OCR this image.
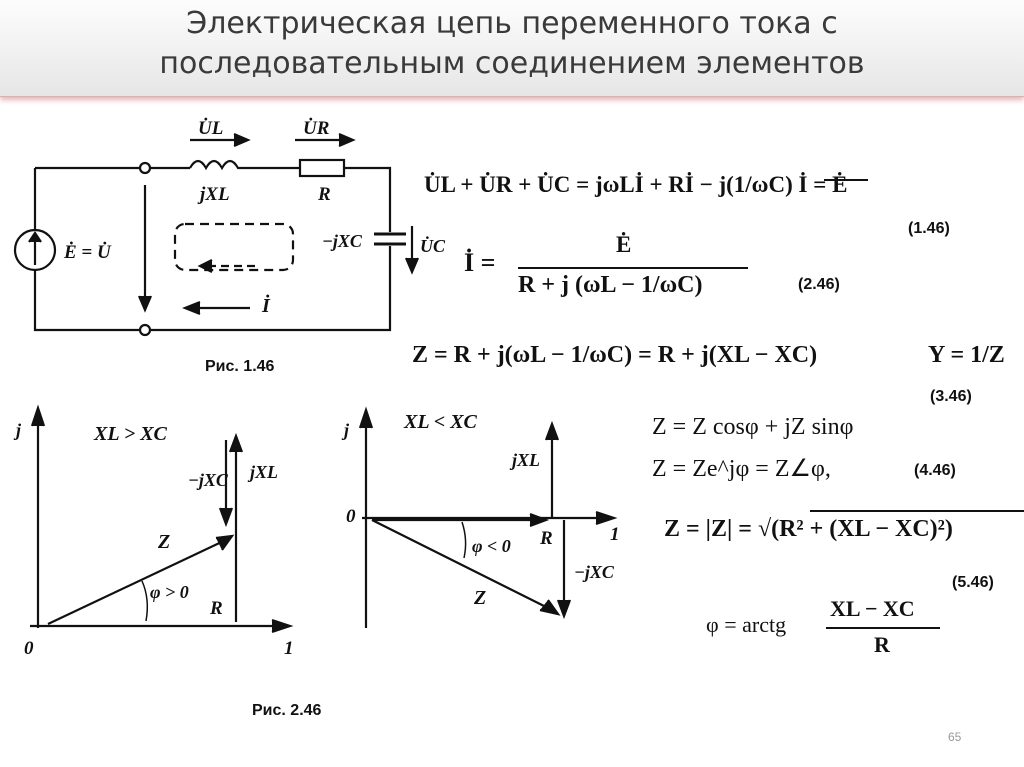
Электрическая цепь переменного тока с
последовательным соединением элементов
U̇L	U̇R
jXL	R
−jXC	U̇C
Ė = U̇
İ
j	XL > XC
−jXC jXL
Z
φ > 0
R
0	1
j	XL < XC
jXL
0
R	1
φ < 0
−jXC
Z
Рис. 1.46
Рис. 2.46
U̇L + U̇R + U̇C = jωLİ + Rİ − j(1/ωC) İ = Ė
(1.46)
İ =
Ė
R + j (ωL − 1/ωC)	(2.46)
Z = R + j(ωL − 1/ωC) = R + j(XL − XC)	Y = 1/Z
(3.46)
Z = Z cosφ + jZ sinφ
Z = Ze^jφ = Z∠φ,	(4.46)
Z = |Z| = √(R² + (XL − XC)²)
(5.46)
φ = arctg
XL − XC
R
65
